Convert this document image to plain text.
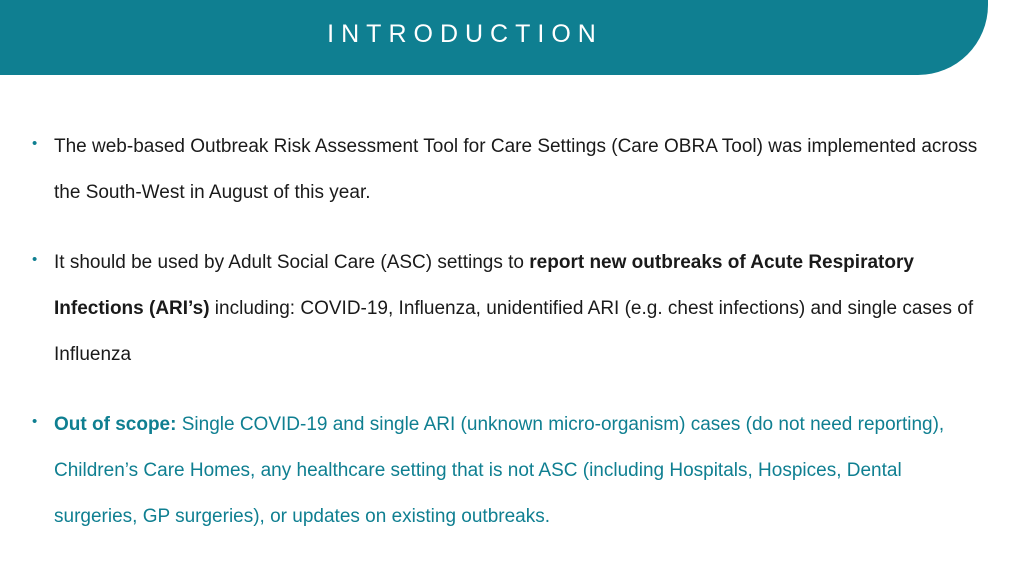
INTRODUCTION
• The web-based Outbreak Risk Assessment Tool for Care Settings (Care OBRA Tool) was implemented across the South-West in August of this year.
• It should be used by Adult Social Care (ASC) settings to report new outbreaks of Acute Respiratory Infections (ARI’s) including: COVID-19, Influenza, unidentified ARI (e.g. chest infections) and single cases of Influenza
• Out of scope: Single COVID-19 and single ARI (unknown micro-organism) cases (do not need reporting), Children’s Care Homes, any healthcare setting that is not ASC (including Hospitals, Hospices, Dental surgeries, GP surgeries), or updates on existing outbreaks.
